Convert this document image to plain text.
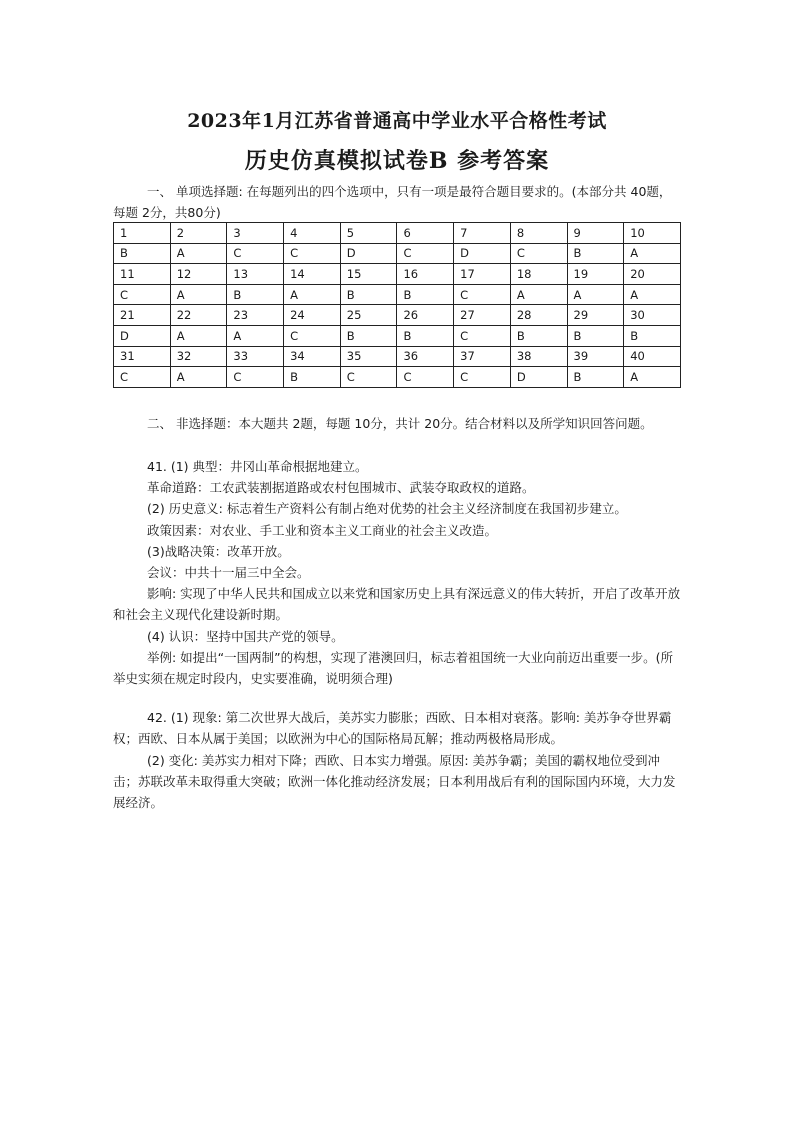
2023年1月江苏省普通高中学业水平合格性考试
历史仿真模拟试卷B 参考答案
一、 单项选择题: 在每题列出的四个选项中，只有一项是最符合题目要求的。(本部分共 40题，每题 2分，共80分)
1	2	3	4	5	6	7	8	9	10
B	A	C	C	D	C	D	C	B	A
11	12	13	14	15	16	17	18	19	20
C	A	B	A	B	B	C	A	A	A
21	22	23	24	25	26	27	28	29	30
D	A	A	C	B	B	C	B	B	B
31	32	33	34	35	36	37	38	39	40
C	A	C	B	C	C	C	D	B	A
二、 非选择题：本大题共 2题，每题 10分，共计 20分。结合材料以及所学知识回答问题。

41. (1) 典型：井冈山革命根据地建立。

革命道路：工农武装割据道路或农村包围城市、武装夺取政权的道路。

(2) 历史意义: 标志着生产资料公有制占绝对优势的社会主义经济制度在我国初步建立。

政策因素：对农业、手工业和资本主义工商业的社会主义改造。

(3)战略决策：改革开放。

会议：中共十一届三中全会。

影响: 实现了中华人民共和国成立以来党和国家历史上具有深远意义的伟大转折，开启了改革开放和社会主义现代化建设新时期。

(4) 认识：坚持中国共产党的领导。

举例: 如提出“一国两制”的构想，实现了港澳回归，标志着祖国统一大业向前迈出重要一步。(所举史实须在规定时段内，史实要准确，说明须合理)

42. (1) 现象: 第二次世界大战后，美苏实力膨胀；西欧、日本相对衰落。影响: 美苏争夺世界霸权；西欧、日本从属于美国；以欧洲为中心的国际格局瓦解；推动两极格局形成。

(2) 变化: 美苏实力相对下降；西欧、日本实力增强。原因: 美苏争霸；美国的霸权地位受到冲击；苏联改革未取得重大突破；欧洲一体化推动经济发展；日本利用战后有利的国际国内环境，大力发展经济。
